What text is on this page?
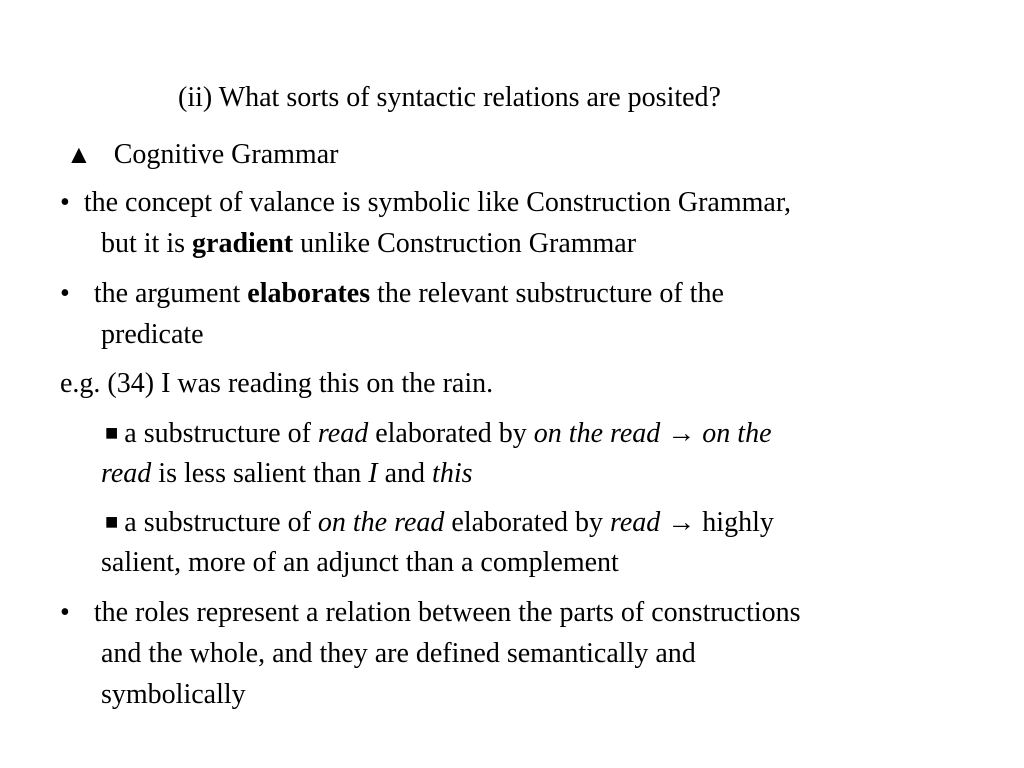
(ii) What sorts of syntactic relations are posited?
▲ Cognitive Grammar
• the concept of valance is symbolic like Construction Grammar,
but it is gradient unlike Construction Grammar
• the argument elaborates the relevant substructure of the
predicate
e.g. (34) I was reading this on the rain.
■ a substructure of read elaborated by on the read → on the
read is less salient than I and this
■ a substructure of on the read elaborated by read → highly
salient, more of an adjunct than a complement
• the roles represent a relation between the parts of constructions
and the whole, and they are defined semantically and
symbolically
